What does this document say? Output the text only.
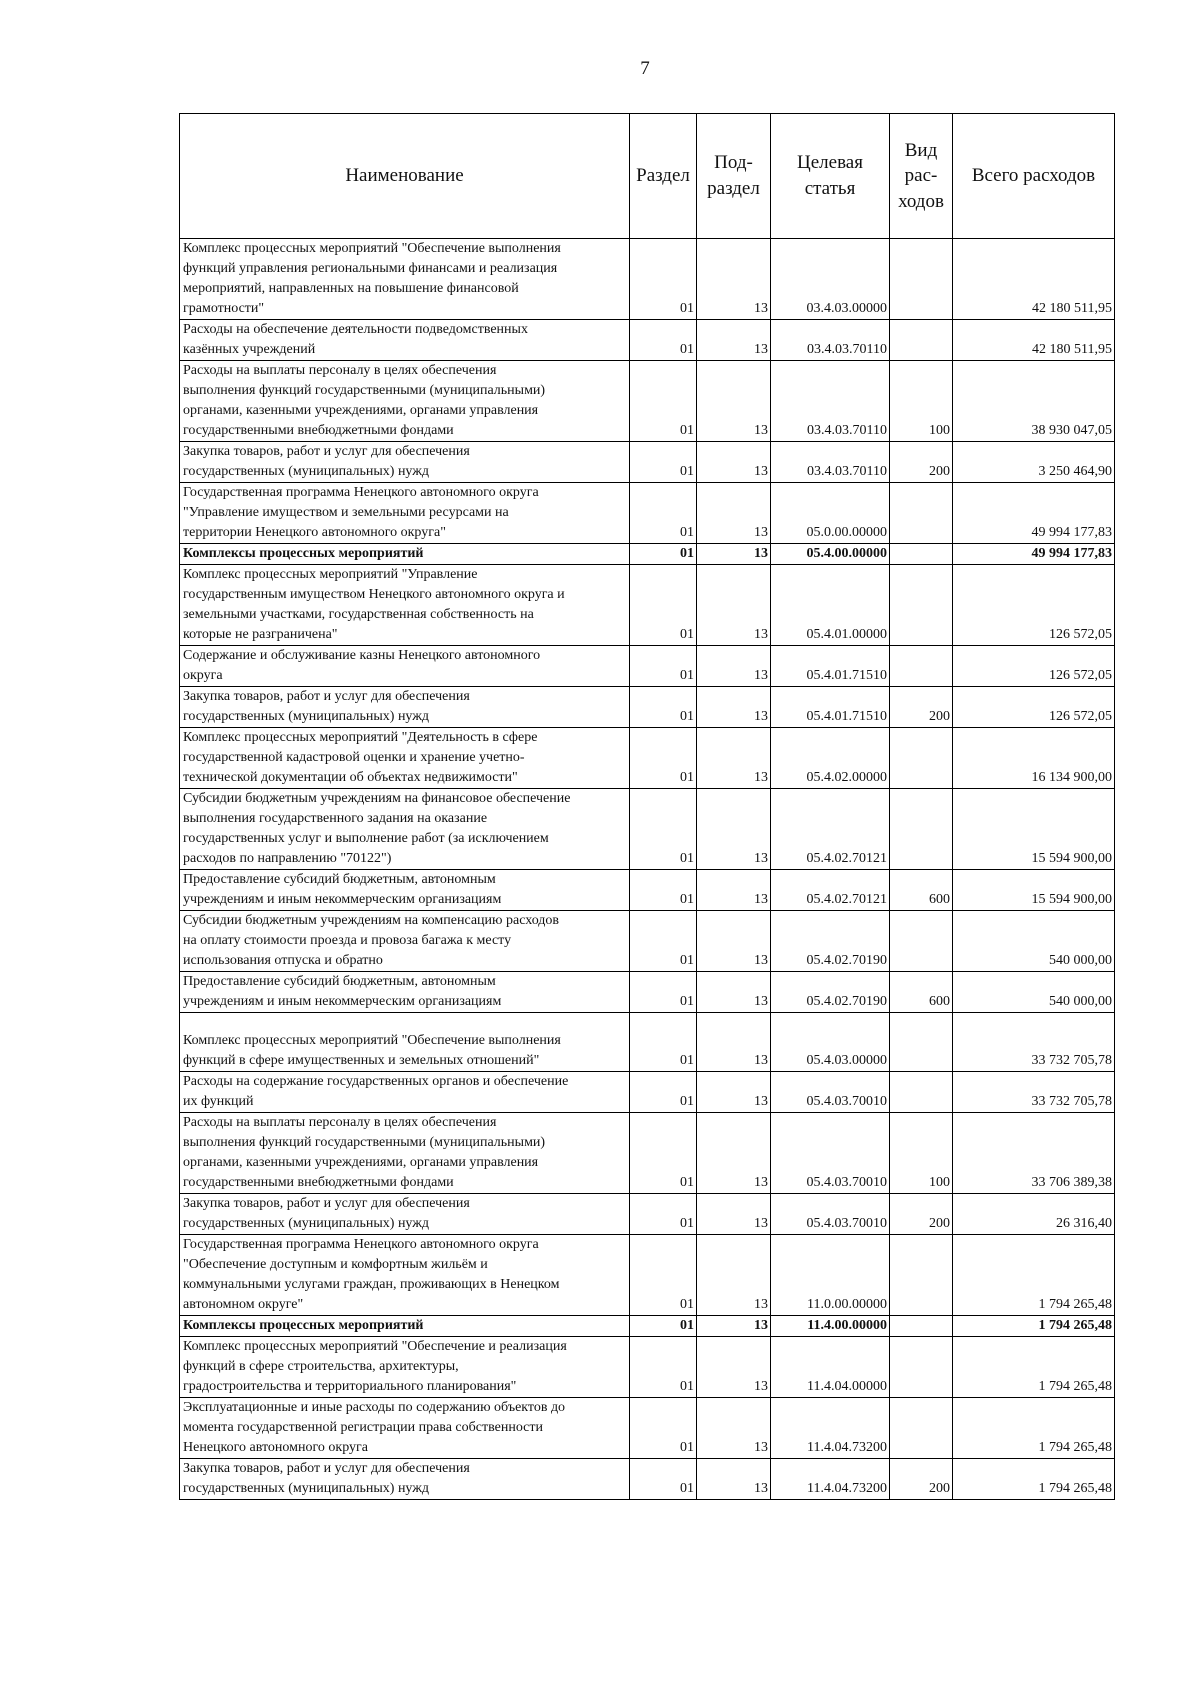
7
Наименование	Раздел	Под-
раздел	Целевая
статья	Вид
рас-
ходов	Всего расходов
Комплекс процессных мероприятий "Обеспечение выполнения
функций управления региональными финансами и реализация
мероприятий, направленных на повышение финансовой
грамотности"	01	13	03.4.03.00000		42 180 511,95
Расходы на обеспечение деятельности подведомственных
казённых учреждений	01	13	03.4.03.70110		42 180 511,95
Расходы на выплаты персоналу в целях обеспечения
выполнения функций государственными (муниципальными)
органами, казенными учреждениями, органами управления
государственными внебюджетными фондами	01	13	03.4.03.70110	100	38 930 047,05
Закупка товаров, работ и услуг для обеспечения
государственных (муниципальных) нужд	01	13	03.4.03.70110	200	3 250 464,90
Государственная программа Ненецкого автономного округа
"Управление имуществом и земельными ресурсами на
территории Ненецкого автономного округа"	01	13	05.0.00.00000		49 994 177,83
Комплексы процессных мероприятий	01	13	05.4.00.00000		49 994 177,83
Комплекс процессных мероприятий "Управление
государственным имуществом Ненецкого автономного округа и
земельными участками, государственная собственность на
которые не разграничена"	01	13	05.4.01.00000		126 572,05
Содержание и обслуживание казны Ненецкого автономного
округа	01	13	05.4.01.71510		126 572,05
Закупка товаров, работ и услуг для обеспечения
государственных (муниципальных) нужд	01	13	05.4.01.71510	200	126 572,05
Комплекс процессных мероприятий "Деятельность в сфере
государственной кадастровой оценки и хранение учетно-
технической документации об объектах недвижимости"	01	13	05.4.02.00000		16 134 900,00
Субсидии бюджетным учреждениям на финансовое обеспечение
выполнения государственного задания на оказание
государственных услуг и выполнение работ (за исключением
расходов по направлению "70122")	01	13	05.4.02.70121		15 594 900,00
Предоставление субсидий бюджетным, автономным
учреждениям и иным некоммерческим организациям	01	13	05.4.02.70121	600	15 594 900,00
Субсидии бюджетным учреждениям на компенсацию расходов
на оплату стоимости проезда и провоза багажа к месту
использования отпуска и обратно	01	13	05.4.02.70190		540 000,00
Предоставление субсидий бюджетным, автономным
учреждениям и иным некоммерческим организациям	01	13	05.4.02.70190	600	540 000,00
Комплекс процессных мероприятий "Обеспечение выполнения
функций в сфере имущественных и земельных отношений"	01	13	05.4.03.00000		33 732 705,78
Расходы на содержание государственных органов и обеспечение
их функций	01	13	05.4.03.70010		33 732 705,78
Расходы на выплаты персоналу в целях обеспечения
выполнения функций государственными (муниципальными)
органами, казенными учреждениями, органами управления
государственными внебюджетными фондами	01	13	05.4.03.70010	100	33 706 389,38
Закупка товаров, работ и услуг для обеспечения
государственных (муниципальных) нужд	01	13	05.4.03.70010	200	26 316,40
Государственная программа Ненецкого автономного округа
"Обеспечение доступным и комфортным жильём и
коммунальными услугами граждан, проживающих в Ненецком
автономном округе"	01	13	11.0.00.00000		1 794 265,48
Комплексы процессных мероприятий	01	13	11.4.00.00000		1 794 265,48
Комплекс процессных мероприятий "Обеспечение и реализация
функций в сфере строительства, архитектуры,
градостроительства и территориального планирования"	01	13	11.4.04.00000		1 794 265,48
Эксплуатационные и иные расходы по содержанию объектов до
момента государственной регистрации права собственности
Ненецкого автономного округа	01	13	11.4.04.73200		1 794 265,48
Закупка товаров, работ и услуг для обеспечения
государственных (муниципальных) нужд	01	13	11.4.04.73200	200	1 794 265,48
